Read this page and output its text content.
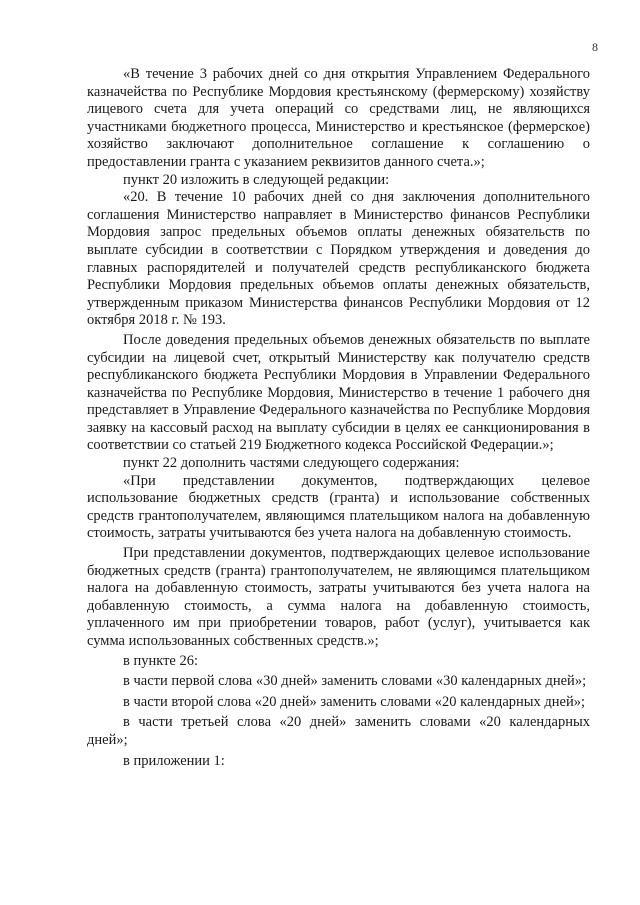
8

«В течение 3 рабочих дней со дня открытия Управлением Федерального казначейства по Республике Мордовия крестьянскому (фермерскому) хозяйству лицевого счета для учета операций со средствами лиц, не являющихся участниками бюджетного процесса, Министерство и крестьянское (фермерское) хозяйство заключают дополнительное соглашение к соглашению о предоставлении гранта с указанием реквизитов данного счета.»;

пункт 20 изложить в следующей редакции:

«20. В течение 10 рабочих дней со дня заключения дополнительного соглашения Министерство направляет в Министерство финансов Республики Мордовия запрос предельных объемов оплаты денежных обязательств по выплате субсидии в соответствии с Порядком утверждения и доведения до главных распорядителей и получателей средств республиканского бюджета Республики Мордовия предельных объемов оплаты денежных обязательств, утвержденным приказом Министерства финансов Республики Мордовия от 12 октября 2018 г. № 193.

После доведения предельных объемов денежных обязательств по выплате субсидии на лицевой счет, открытый Министерству как получателю средств республиканского бюджета Республики Мордовия в Управлении Федерального казначейства по Республике Мордовия, Министерство в течение 1 рабочего дня представляет в Управление Федерального казначейства по Республике Мордовия заявку на кассовый расход на выплату субсидии в целях ее санкционирования в соответствии со статьей 219 Бюджетного кодекса Российской Федерации.»;

пункт 22 дополнить частями следующего содержания:

«При представлении документов, подтверждающих целевое использование бюджетных средств (гранта) и использование собственных средств грантополучателем, являющимся плательщиком налога на добавленную стоимость, затраты учитываются без учета налога на добавленную стоимость.

При представлении документов, подтверждающих целевое использование бюджетных средств (гранта) грантополучателем, не являющимся плательщиком налога на добавленную стоимость, затраты учитываются без учета налога на добавленную стоимость, а сумма налога на добавленную стоимость, уплаченного им при приобретении товаров, работ (услуг), учитывается как сумма использованных собственных средств.»;

в пункте 26:

в части первой слова «30 дней» заменить словами «30 календарных дней»;

в части второй слова «20 дней» заменить словами «20 календарных дней»;

в части третьей слова «20 дней» заменить словами «20 календарных дней»;

в приложении 1:
